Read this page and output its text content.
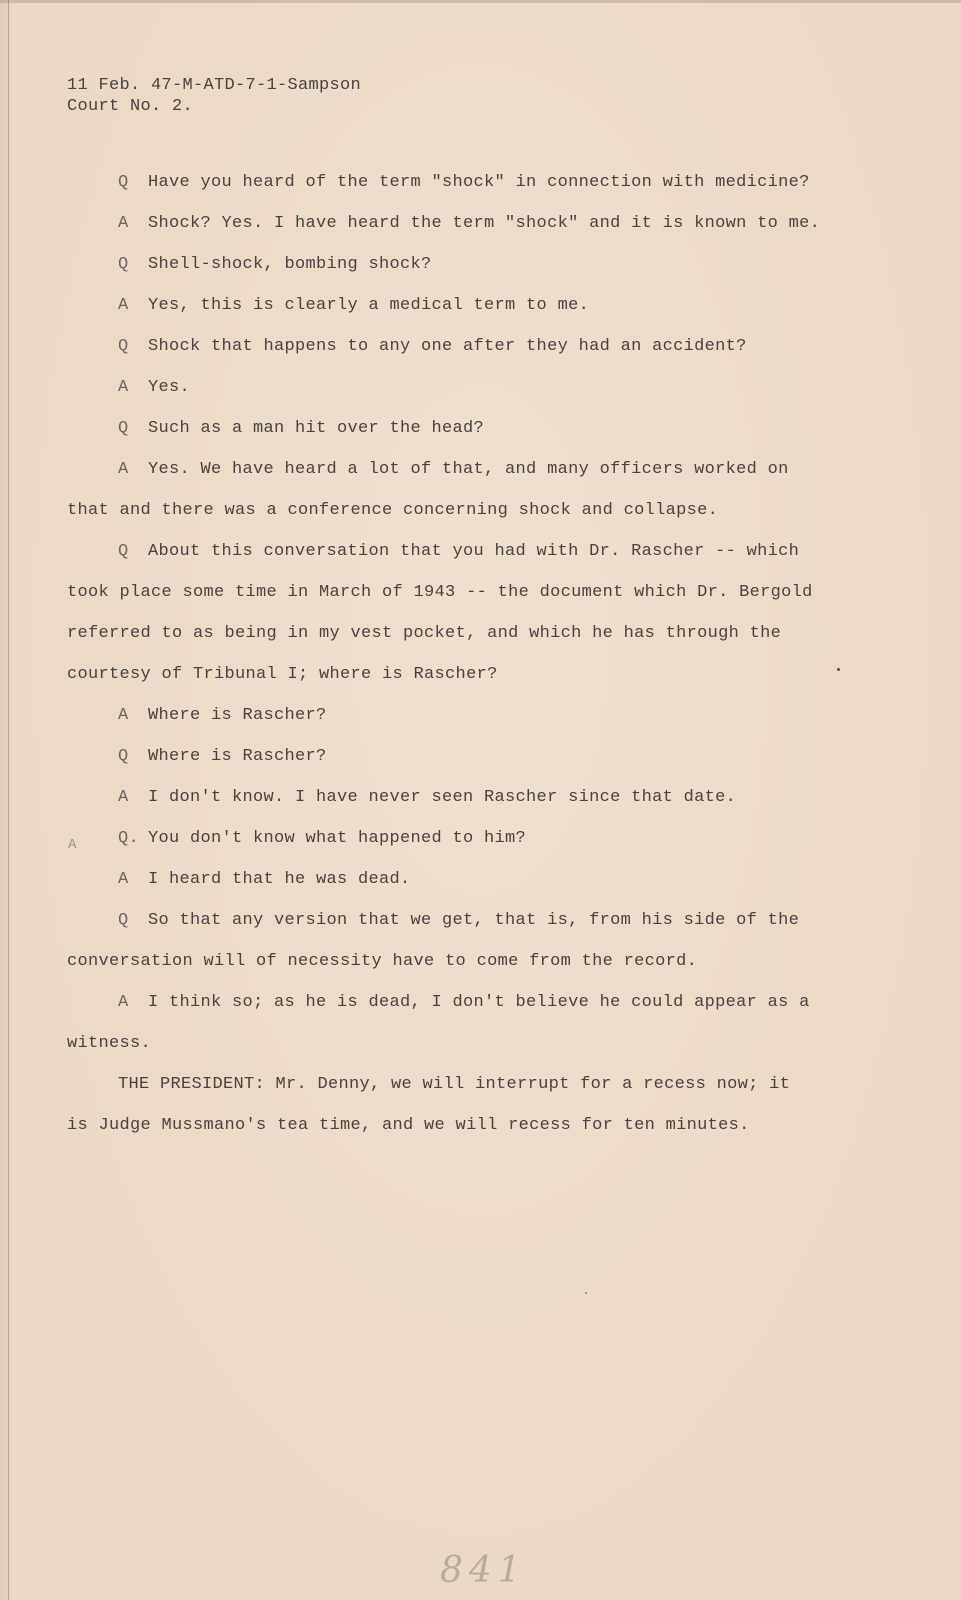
11 Feb. 47-M-ATD-7-1-Sampson
Court No. 2.
Q Have you heard of the term "shock" in connection with medicine?
A Shock? Yes. I have heard the term "shock" and it is known to me.
Q Shell-shock, bombing shock?
A Yes, this is clearly a medical term to me.
Q Shock that happens to any one after they had an accident?
A Yes.
Q Such as a man hit over the head?
A Yes. We have heard a lot of that, and many officers worked on
that and there was a conference concerning shock and collapse.
Q About this conversation that you had with Dr. Rascher -- which
took place some time in March of 1943 -- the document which Dr. Bergold
referred to as being in my vest pocket, and which he has through the
courtesy of Tribunal I; where is Rascher?
A Where is Rascher?
Q Where is Rascher?
A I don't know. I have never seen Rascher since that date.
A Q. You don't know what happened to him?
A I heard that he was dead.
Q So that any version that we get, that is, from his side of the
conversation will of necessity have to come from the record.
A I think so; as he is dead, I don't believe he could appear as a
witness.
THE PRESIDENT: Mr. Denny, we will interrupt for a recess now; it
is Judge Mussmano's tea time, and we will recess for ten minutes.
841
